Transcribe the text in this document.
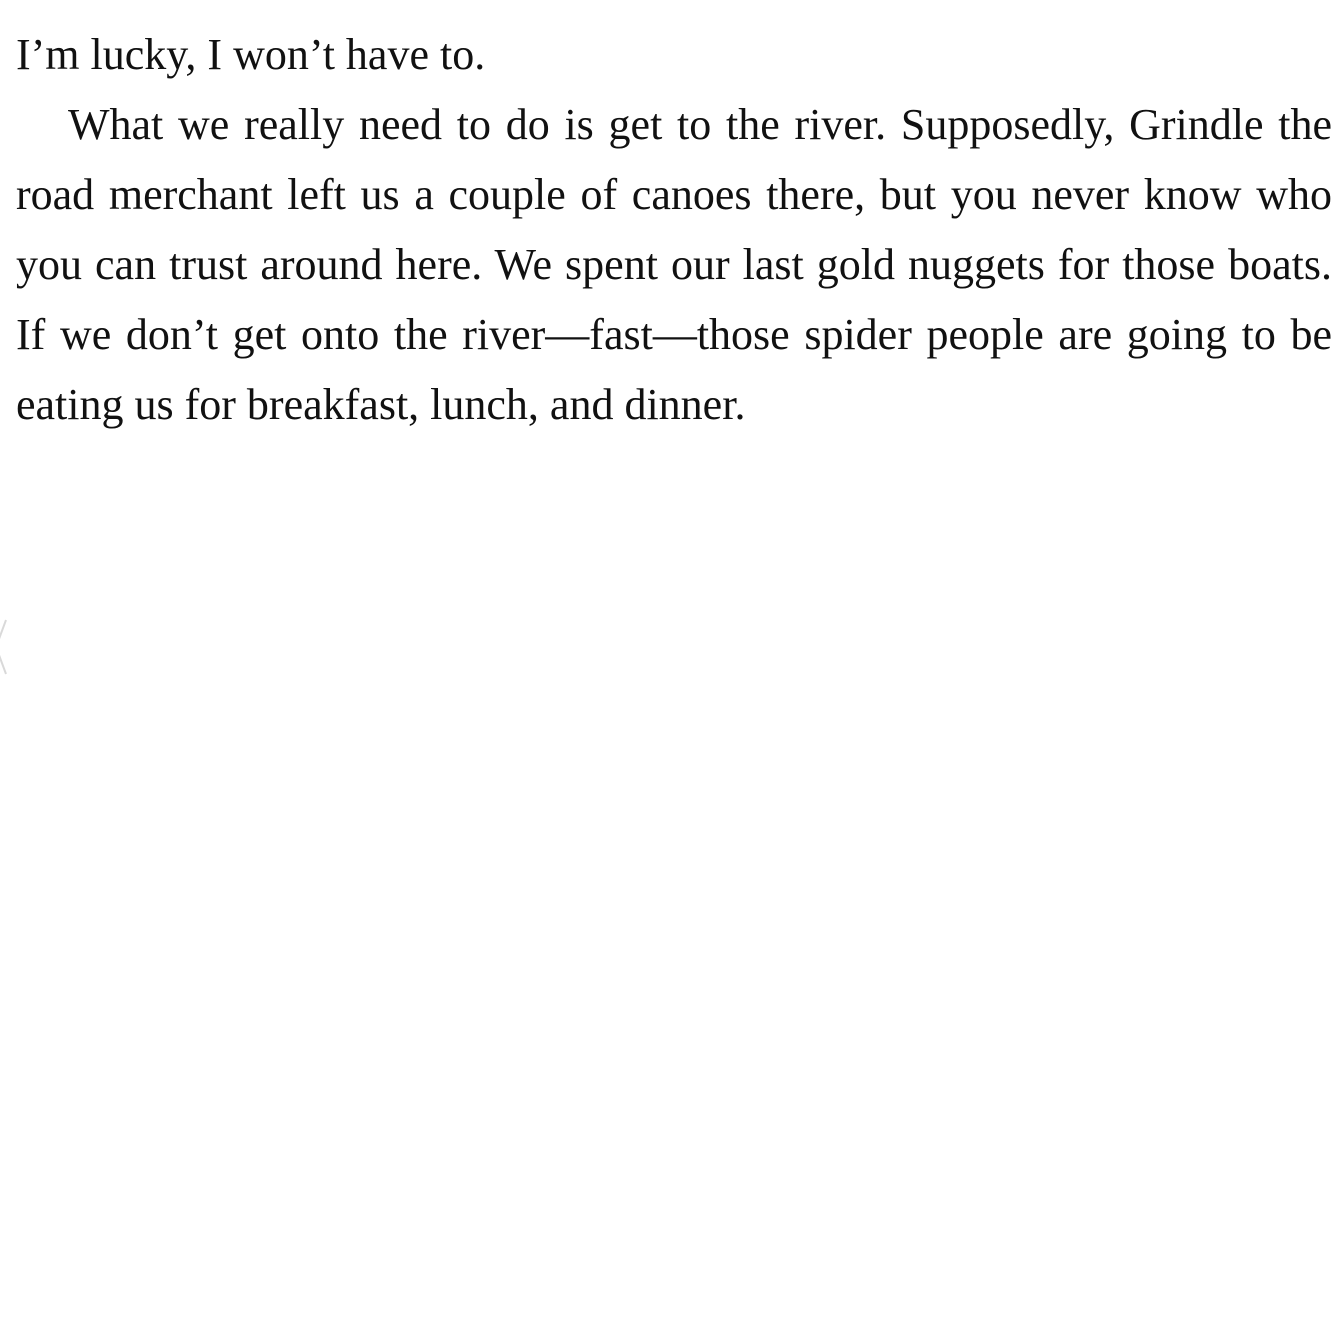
I’m lucky, I won’t have to.

What we really need to do is get to the river. Supposedly, Grindle the road merchant left us a couple of canoes there, but you never know who you can trust around here. We spent our last gold nuggets for those boats. If we don’t get onto the river—fast—those spider people are going to be eating us for breakfast, lunch, and dinner.
